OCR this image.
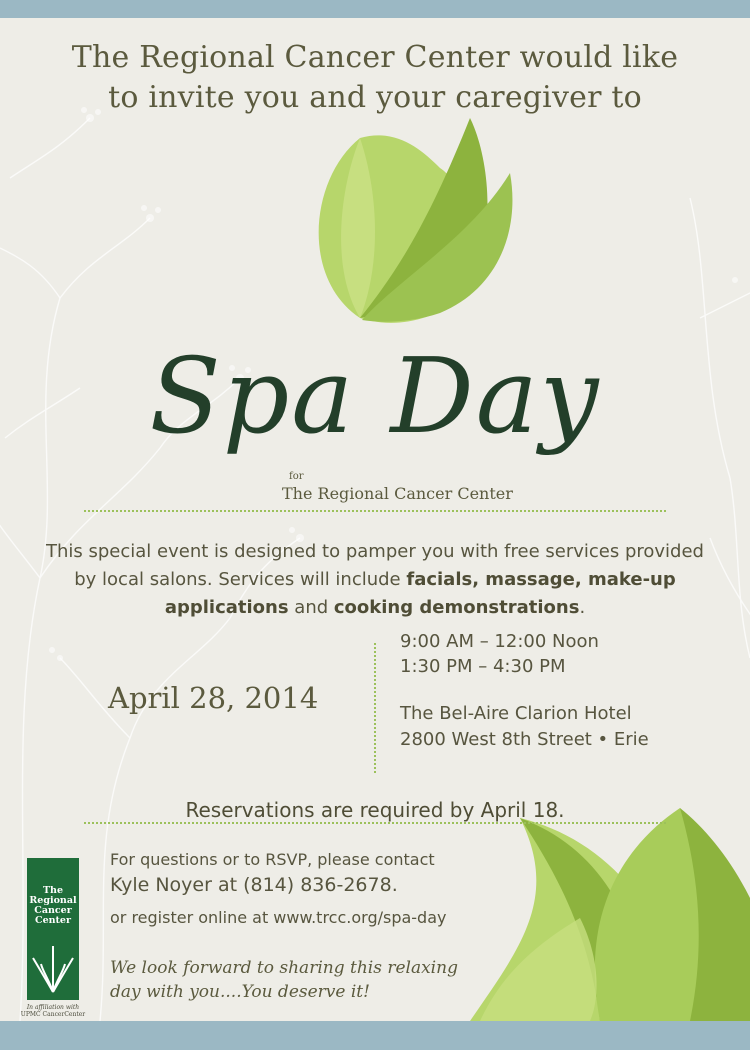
The Regional Cancer Center would like
to invite you and your caregiver to
Spa Day
for
The Regional Cancer Center
This special event is designed to pamper you with free services provided by local salons. Services will include facials, massage, make-up applications and cooking demonstrations.
April 28, 2014
9:00 AM – 12:00 Noon
1:30 PM – 4:30 PM
The Bel-Aire Clarion Hotel
2800 West 8th Street • Erie
Reservations are required by April 18.
The
Regional
Cancer
Center
In affiliation with
UPMC CancerCenter
For questions or to RSVP, please contact
Kyle Noyer at (814) 836-2678.
or register online at www.trcc.org/spa-day
We look forward to sharing this relaxing
day with you....You deserve it!
